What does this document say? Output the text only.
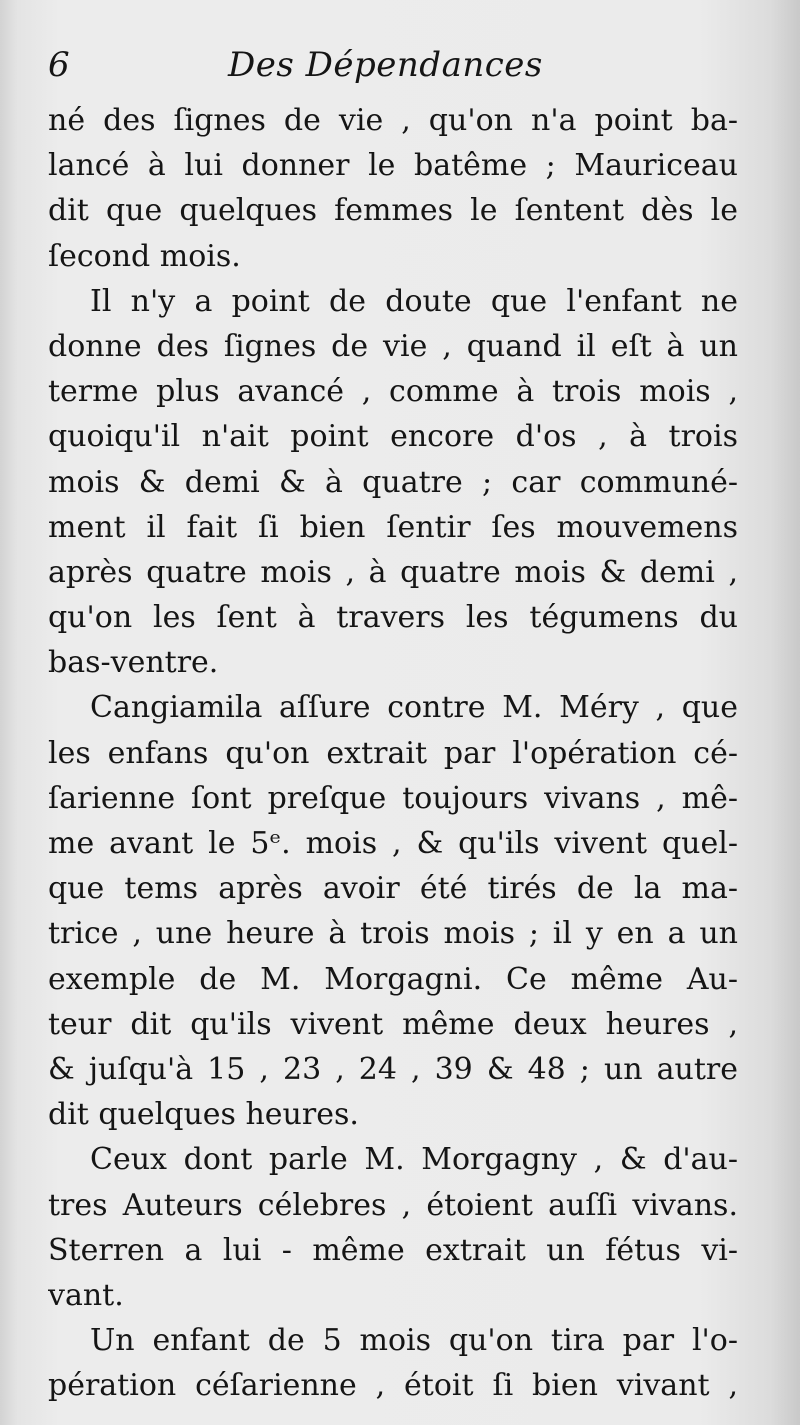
6	Des Dépendances
né des ſignes de vie , qu'on n'a point ba-
lancé à lui donner le batême ; Mauriceau
dit que quelques femmes le ſentent dès le
ſecond mois.
Il n'y a point de doute que l'enfant ne
donne des ſignes de vie , quand il eſt à un
terme plus avancé , comme à trois mois ,
quoiqu'il n'ait point encore d'os , à trois
mois & demi & à quatre ; car communé-
ment il fait ſi bien ſentir ſes mouvemens
après quatre mois , à quatre mois & demi ,
qu'on les ſent à travers les tégumens du
bas-ventre.
Cangiamila aſſure contre M. Méry , que
les enfans qu'on extrait par l'opération cé-
ſarienne ſont preſque toujours vivans , mê-
me avant le 5ᵉ. mois , & qu'ils vivent quel-
que tems après avoir été tirés de la ma-
trice , une heure à trois mois ; il y en a un
exemple de M. Morgagni. Ce même Au-
teur dit qu'ils vivent même deux heures ,
& juſqu'à 15 , 23 , 24 , 39 & 48 ; un autre
dit quelques heures.
Ceux dont parle M. Morgagny , & d'au-
tres Auteurs célebres , étoient auſſi vivans.
Sterren a lui - même extrait un fétus vi-
vant.
Un enfant de 5 mois qu'on tira par l'o-
pération céſarienne , étoit ſi bien vivant ,
